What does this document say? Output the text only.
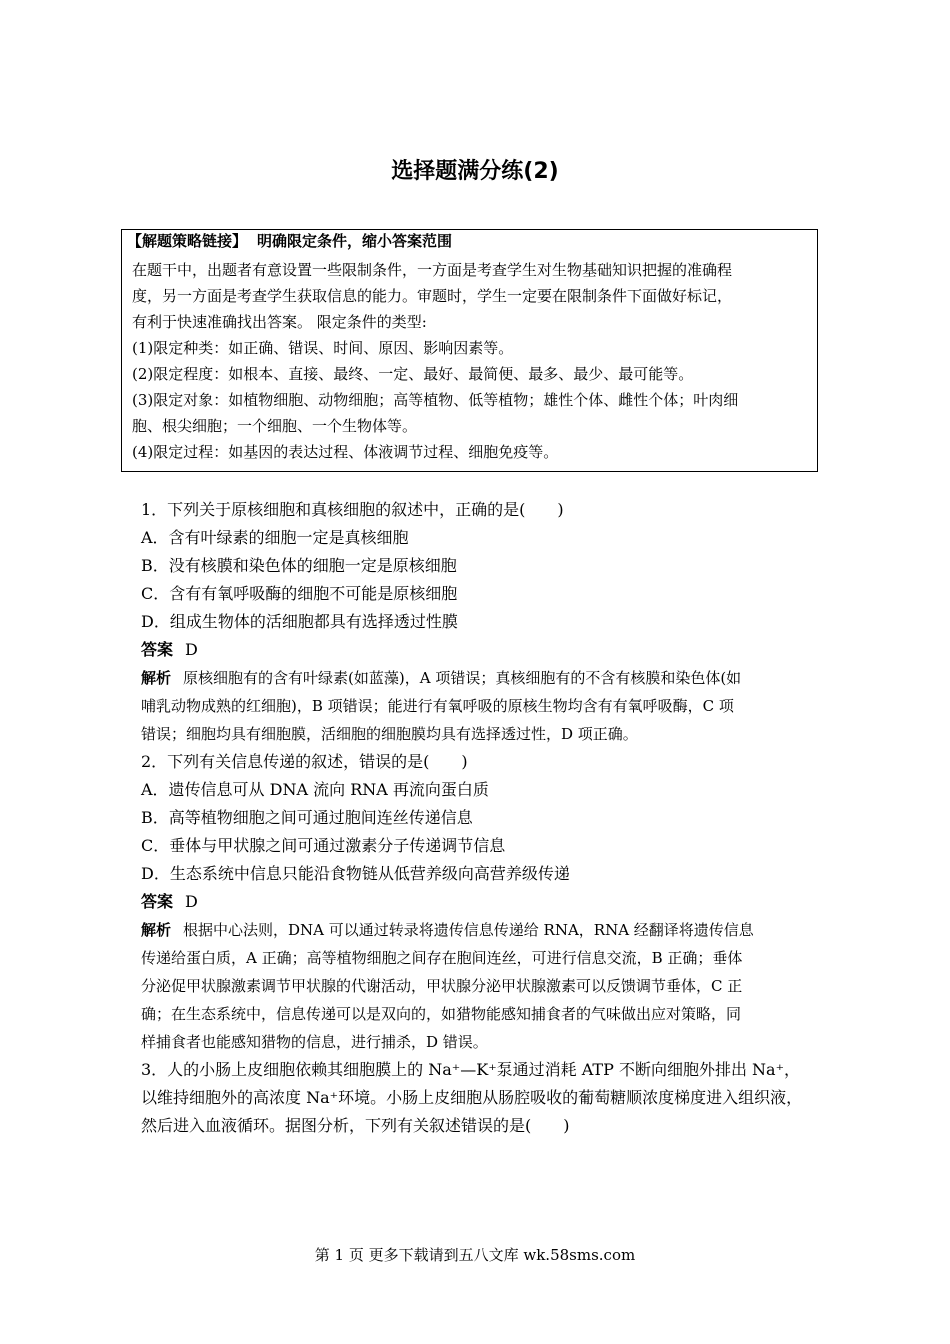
选择题满分练(2)
【解题策略链接】 明确限定条件，缩小答案范围
在题干中，出题者有意设置一些限制条件，一方面是考查学生对生物基础知识把握的准确程
度，另一方面是考查学生获取信息的能力。审题时，学生一定要在限制条件下面做好标记，
有利于快速准确找出答案。 限定条件的类型:
(1)限定种类：如正确、错误、时间、原因、影响因素等。
(2)限定程度：如根本、直接、最终、一定、最好、最简便、最多、最少、最可能等。
(3)限定对象：如植物细胞、动物细胞；高等植物、低等植物；雄性个体、雌性个体；叶肉细
胞、根尖细胞；一个细胞、一个生物体等。
(4)限定过程：如基因的表达过程、体液调节过程、细胞免疫等。
1．下列关于原核细胞和真核细胞的叙述中，正确的是(　　)
A．含有叶绿素的细胞一定是真核细胞
B．没有核膜和染色体的细胞一定是原核细胞
C．含有有氧呼吸酶的细胞不可能是原核细胞
D．组成生物体的活细胞都具有选择透过性膜
答案 D
解析 原核细胞有的含有叶绿素(如蓝藻)，A 项错误；真核细胞有的不含有核膜和染色体(如
哺乳动物成熟的红细胞)，B 项错误；能进行有氧呼吸的原核生物均含有有氧呼吸酶，C 项
错误；细胞均具有细胞膜，活细胞的细胞膜均具有选择透过性，D 项正确。
2．下列有关信息传递的叙述，错误的是(　　)
A．遗传信息可从 DNA 流向 RNA 再流向蛋白质
B．高等植物细胞之间可通过胞间连丝传递信息
C．垂体与甲状腺之间可通过激素分子传递调节信息
D．生态系统中信息只能沿食物链从低营养级向高营养级传递
答案 D
解析 根据中心法则，DNA 可以通过转录将遗传信息传递给 RNA，RNA 经翻译将遗传信息
传递给蛋白质，A 正确；高等植物细胞之间存在胞间连丝，可进行信息交流，B 正确；垂体
分泌促甲状腺激素调节甲状腺的代谢活动，甲状腺分泌甲状腺激素可以反馈调节垂体，C 正
确；在生态系统中，信息传递可以是双向的，如猎物能感知捕食者的气味做出应对策略，同
样捕食者也能感知猎物的信息，进行捕杀，D 错误。
3．人的小肠上皮细胞依赖其细胞膜上的 Na⁺—K⁺泵通过消耗 ATP 不断向细胞外排出 Na⁺，
以维持细胞外的高浓度 Na⁺环境。小肠上皮细胞从肠腔吸收的葡萄糖顺浓度梯度进入组织液，
然后进入血液循环。据图分析，下列有关叙述错误的是(　　)
第 1 页 更多下载请到五八文库 wk.58sms.com
